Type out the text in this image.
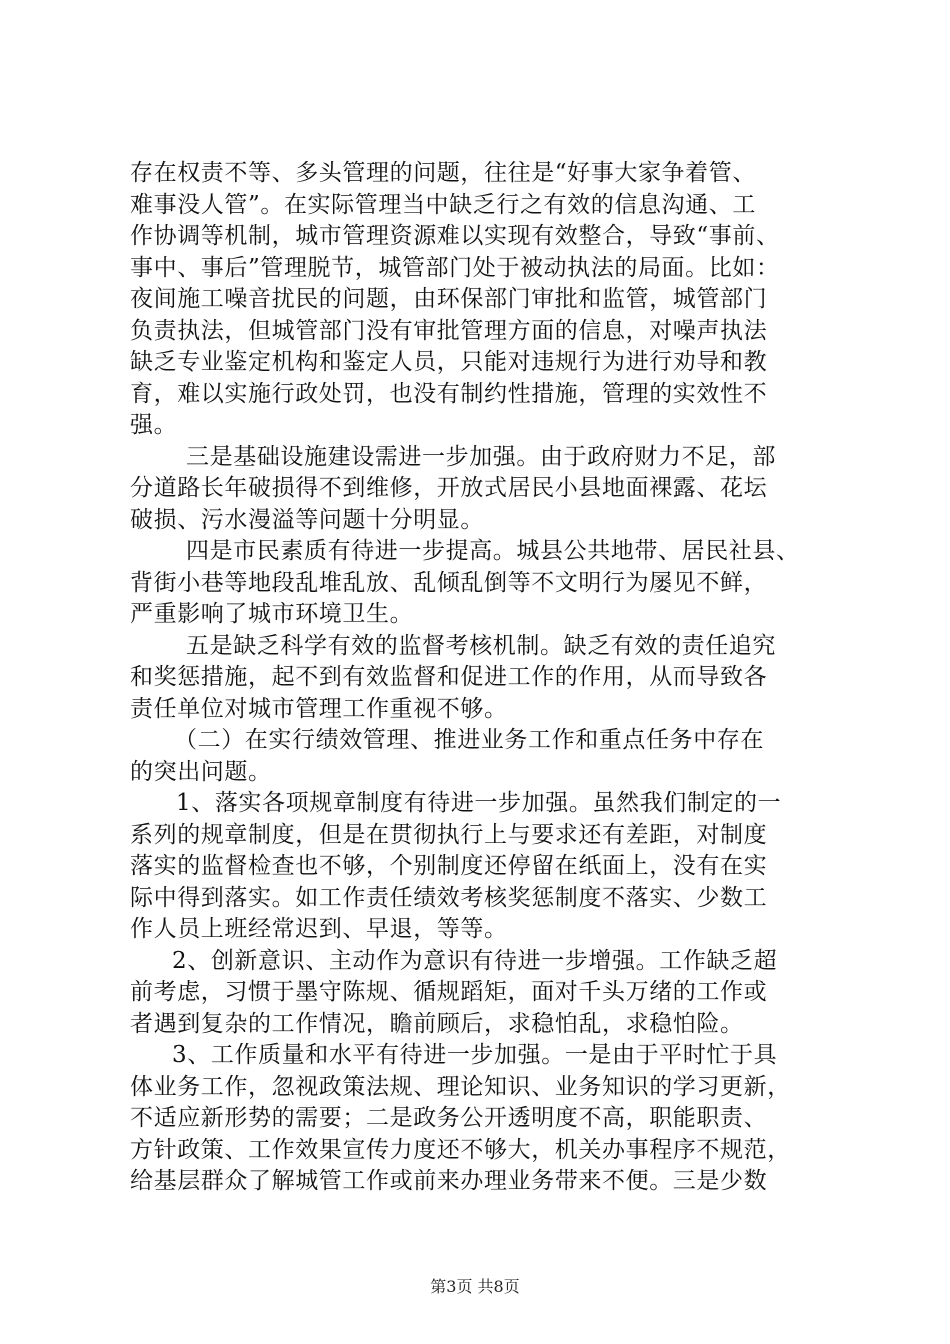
存在权责不等、多头管理的问题，往往是“好事大家争着管、
难事没人管”。在实际管理当中缺乏行之有效的信息沟通、工
作协调等机制，城市管理资源难以实现有效整合，导致“事前、
事中、事后”管理脱节，城管部门处于被动执法的局面。比如：
夜间施工噪音扰民的问题，由环保部门审批和监管，城管部门
负责执法，但城管部门没有审批管理方面的信息，对噪声执法
缺乏专业鉴定机构和鉴定人员，只能对违规行为进行劝导和教
育，难以实施行政处罚，也没有制约性措施，管理的实效性不
强。
三是基础设施建设需进一步加强。由于政府财力不足，部
分道路长年破损得不到维修，开放式居民小县地面裸露、花坛
破损、污水漫溢等问题十分明显。
四是市民素质有待进一步提高。城县公共地带、居民社县、
背街小巷等地段乱堆乱放、乱倾乱倒等不文明行为屡见不鲜，
严重影响了城市环境卫生。
五是缺乏科学有效的监督考核机制。缺乏有效的责任追究
和奖惩措施，起不到有效监督和促进工作的作用，从而导致各
责任单位对城市管理工作重视不够。
（二）在实行绩效管理、推进业务工作和重点任务中存在
的突出问题。
1、落实各项规章制度有待进一步加强。虽然我们制定的一
系列的规章制度，但是在贯彻执行上与要求还有差距，对制度
落实的监督检查也不够，个别制度还停留在纸面上，没有在实
际中得到落实。如工作责任绩效考核奖惩制度不落实、少数工
作人员上班经常迟到、早退，等等。
2、创新意识、主动作为意识有待进一步增强。工作缺乏超
前考虑，习惯于墨守陈规、循规蹈矩，面对千头万绪的工作或
者遇到复杂的工作情况，瞻前顾后，求稳怕乱，求稳怕险。
3、工作质量和水平有待进一步加强。一是由于平时忙于具
体业务工作，忽视政策法规、理论知识、业务知识的学习更新，
不适应新形势的需要；二是政务公开透明度不高，职能职责、
方针政策、工作效果宣传力度还不够大，机关办事程序不规范，
给基层群众了解城管工作或前来办理业务带来不便。三是少数
第3页 共8页
